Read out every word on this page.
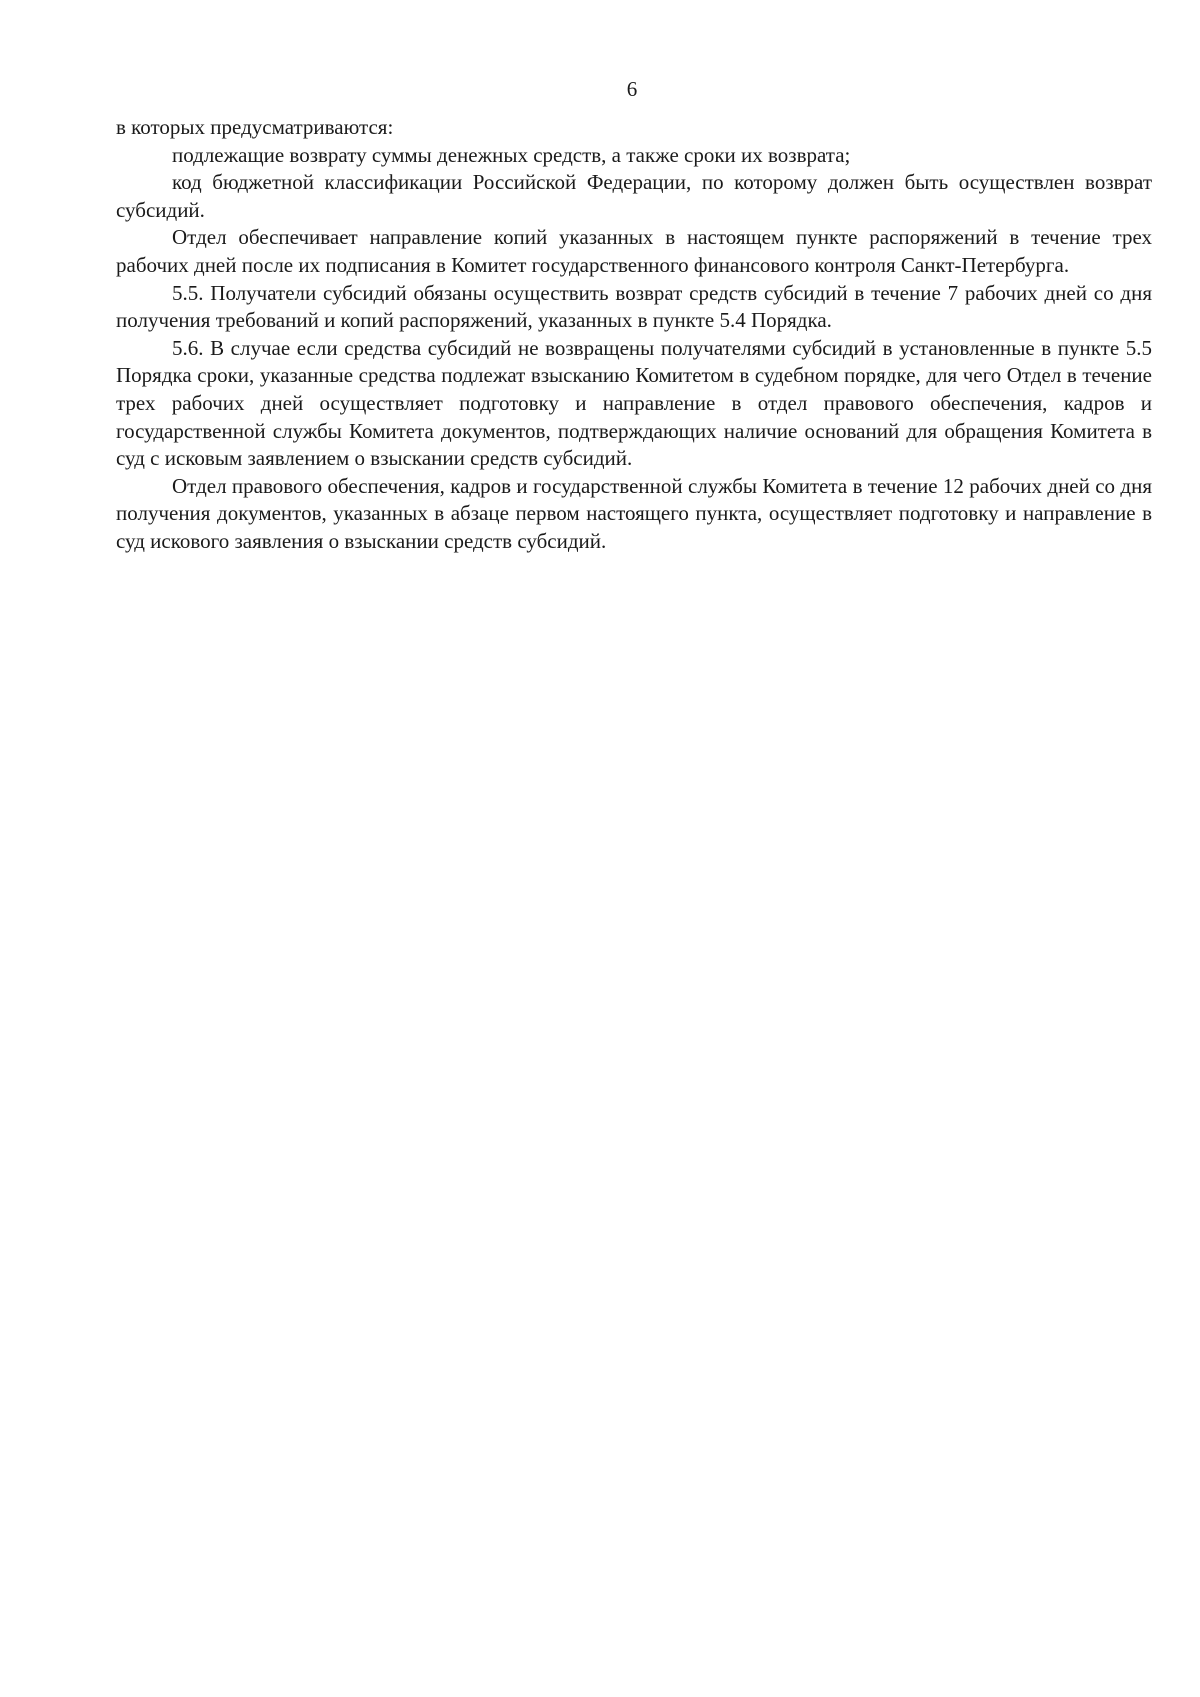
6

в которых предусматриваются:

подлежащие возврату суммы денежных средств, а также сроки их возврата;

код бюджетной классификации Российской Федерации, по которому должен быть осуществлен возврат субсидий.

Отдел обеспечивает направление копий указанных в настоящем пункте распоряжений в течение трех рабочих дней после их подписания в Комитет государственного финансового контроля Санкт-Петербурга.

5.5. Получатели субсидий обязаны осуществить возврат средств субсидий в течение 7 рабочих дней со дня получения требований и копий распоряжений, указанных в пункте 5.4 Порядка.

5.6. В случае если средства субсидий не возвращены получателями субсидий в установленные в пункте 5.5 Порядка сроки, указанные средства подлежат взысканию Комитетом в судебном порядке, для чего Отдел в течение трех рабочих дней осуществляет подготовку и направление в отдел правового обеспечения, кадров и государственной службы Комитета документов, подтверждающих наличие оснований для обращения Комитета в суд с исковым заявлением о взыскании средств субсидий.

Отдел правового обеспечения, кадров и государственной службы Комитета в течение 12 рабочих дней со дня получения документов, указанных в абзаце первом настоящего пункта, осуществляет подготовку и направление в суд искового заявления о взыскании средств субсидий.
